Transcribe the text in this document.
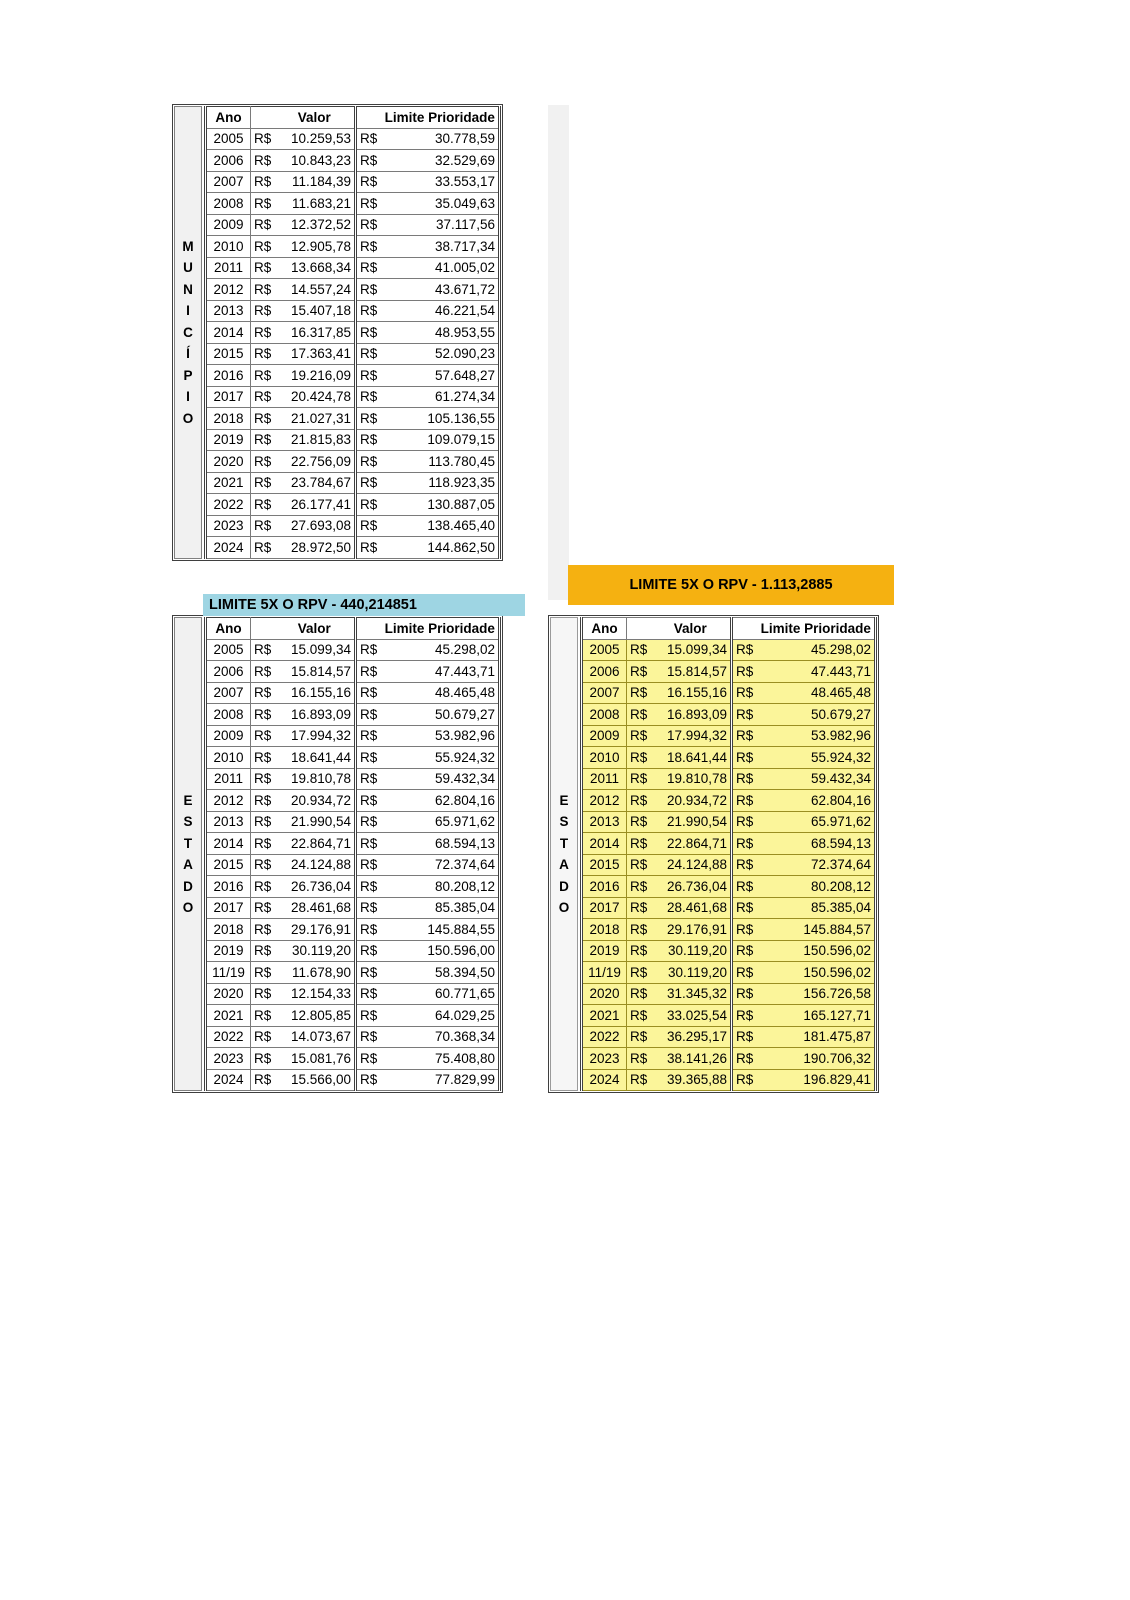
M
U
N
I
C
Í
P
I
O
Ano		Valor		Limite Prioridade
2005	R$	10.259,53	R$	30.778,59
2006	R$	10.843,23	R$	32.529,69
2007	R$	11.184,39	R$	33.553,17
2008	R$	11.683,21	R$	35.049,63
2009	R$	12.372,52	R$	37.117,56
2010	R$	12.905,78	R$	38.717,34
2011	R$	13.668,34	R$	41.005,02
2012	R$	14.557,24	R$	43.671,72
2013	R$	15.407,18	R$	46.221,54
2014	R$	16.317,85	R$	48.953,55
2015	R$	17.363,41	R$	52.090,23
2016	R$	19.216,09	R$	57.648,27
2017	R$	20.424,78	R$	61.274,34
2018	R$	21.027,31	R$	105.136,55
2019	R$	21.815,83	R$	109.079,15
2020	R$	22.756,09	R$	113.780,45
2021	R$	23.784,67	R$	118.923,35
2022	R$	26.177,41	R$	130.887,05
2023	R$	27.693,08	R$	138.465,40
2024	R$	28.972,50	R$	144.862,50
LIMITE 5X O RPV - 440,214851
LIMITE 5X O RPV - 1.113,2885
E
S
T
A
D
O
Ano		Valor		Limite Prioridade
2005	R$	15.099,34	R$	45.298,02
2006	R$	15.814,57	R$	47.443,71
2007	R$	16.155,16	R$	48.465,48
2008	R$	16.893,09	R$	50.679,27
2009	R$	17.994,32	R$	53.982,96
2010	R$	18.641,44	R$	55.924,32
2011	R$	19.810,78	R$	59.432,34
2012	R$	20.934,72	R$	62.804,16
2013	R$	21.990,54	R$	65.971,62
2014	R$	22.864,71	R$	68.594,13
2015	R$	24.124,88	R$	72.374,64
2016	R$	26.736,04	R$	80.208,12
2017	R$	28.461,68	R$	85.385,04
2018	R$	29.176,91	R$	145.884,55
2019	R$	30.119,20	R$	150.596,00
11/19	R$	11.678,90	R$	58.394,50
2020	R$	12.154,33	R$	60.771,65
2021	R$	12.805,85	R$	64.029,25
2022	R$	14.073,67	R$	70.368,34
2023	R$	15.081,76	R$	75.408,80
2024	R$	15.566,00	R$	77.829,99
E
S
T
A
D
O
Ano		Valor		Limite Prioridade
2005	R$	15.099,34	R$	45.298,02
2006	R$	15.814,57	R$	47.443,71
2007	R$	16.155,16	R$	48.465,48
2008	R$	16.893,09	R$	50.679,27
2009	R$	17.994,32	R$	53.982,96
2010	R$	18.641,44	R$	55.924,32
2011	R$	19.810,78	R$	59.432,34
2012	R$	20.934,72	R$	62.804,16
2013	R$	21.990,54	R$	65.971,62
2014	R$	22.864,71	R$	68.594,13
2015	R$	24.124,88	R$	72.374,64
2016	R$	26.736,04	R$	80.208,12
2017	R$	28.461,68	R$	85.385,04
2018	R$	29.176,91	R$	145.884,57
2019	R$	30.119,20	R$	150.596,02
11/19	R$	30.119,20	R$	150.596,02
2020	R$	31.345,32	R$	156.726,58
2021	R$	33.025,54	R$	165.127,71
2022	R$	36.295,17	R$	181.475,87
2023	R$	38.141,26	R$	190.706,32
2024	R$	39.365,88	R$	196.829,41
